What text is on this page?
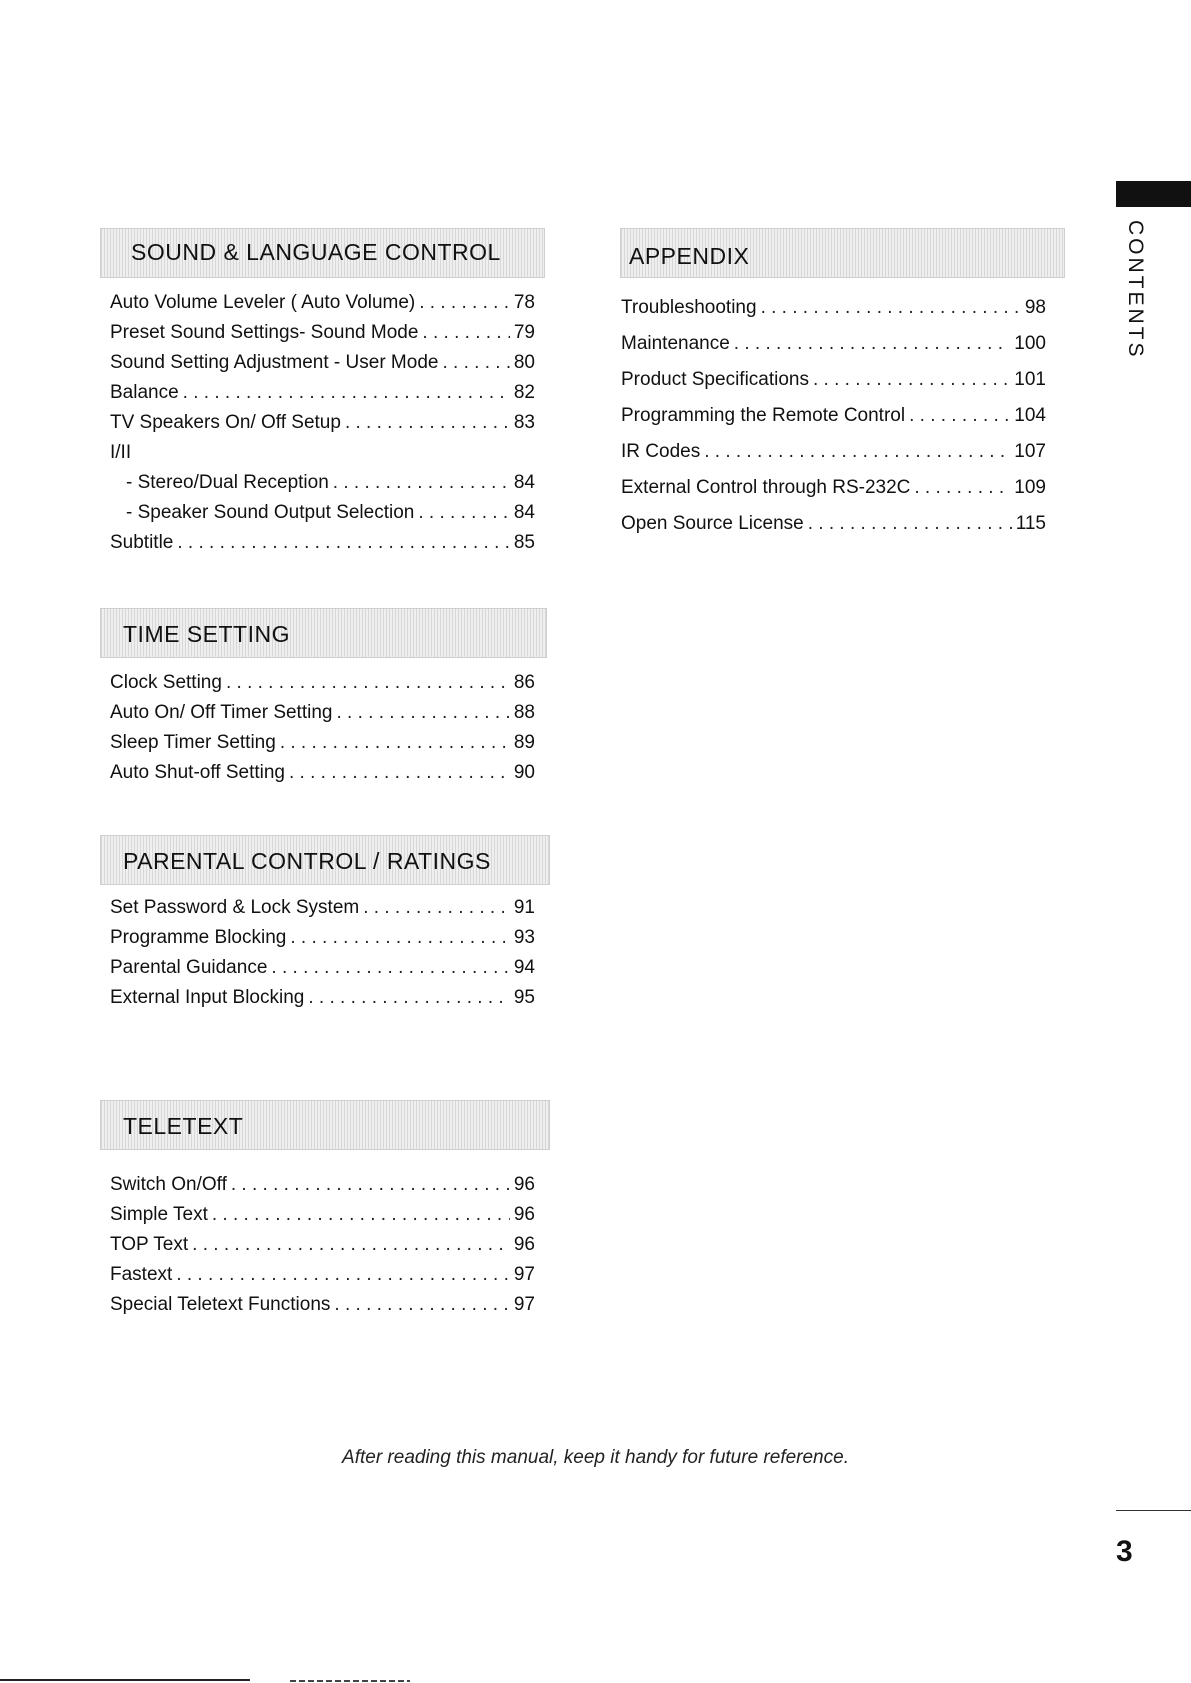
SOUND & LANGUAGE CONTROL
Auto Volume Leveler ( Auto Volume) . . .	78
Preset Sound Settings- Sound Mode . . .	79
Sound Setting Adjustment - User Mode . . .	80
Balance . . .	82
TV Speakers On/ Off Setup . . .	83
I/II
- Stereo/Dual Reception . . .	84
- Speaker Sound Output Selection . . .	84
Subtitle . . .	85
APPENDIX
Troubleshooting . . .	98
Maintenance . . .	100
Product Specifications . . .	101
Programming the Remote Control . . .	104
IR Codes . . .	107
External Control through RS-232C . . .	109
Open Source License . . .	115
TIME SETTING
Clock Setting . . .	86
Auto On/ Off Timer Setting . . .	88
Sleep Timer Setting . . .	89
Auto Shut-off Setting . . .	90
PARENTAL CONTROL / RATINGS
Set Password & Lock System . . .	91
Programme Blocking . . .	93
Parental Guidance . . .	94
External Input Blocking . . .	95
TELETEXT
Switch On/Off . . .	96
Simple Text . . .	96
TOP Text . . .	96
Fastext . . .	97
Special Teletext Functions . . .	97
CONTENTS
3
After reading this manual, keep it handy for future reference.
